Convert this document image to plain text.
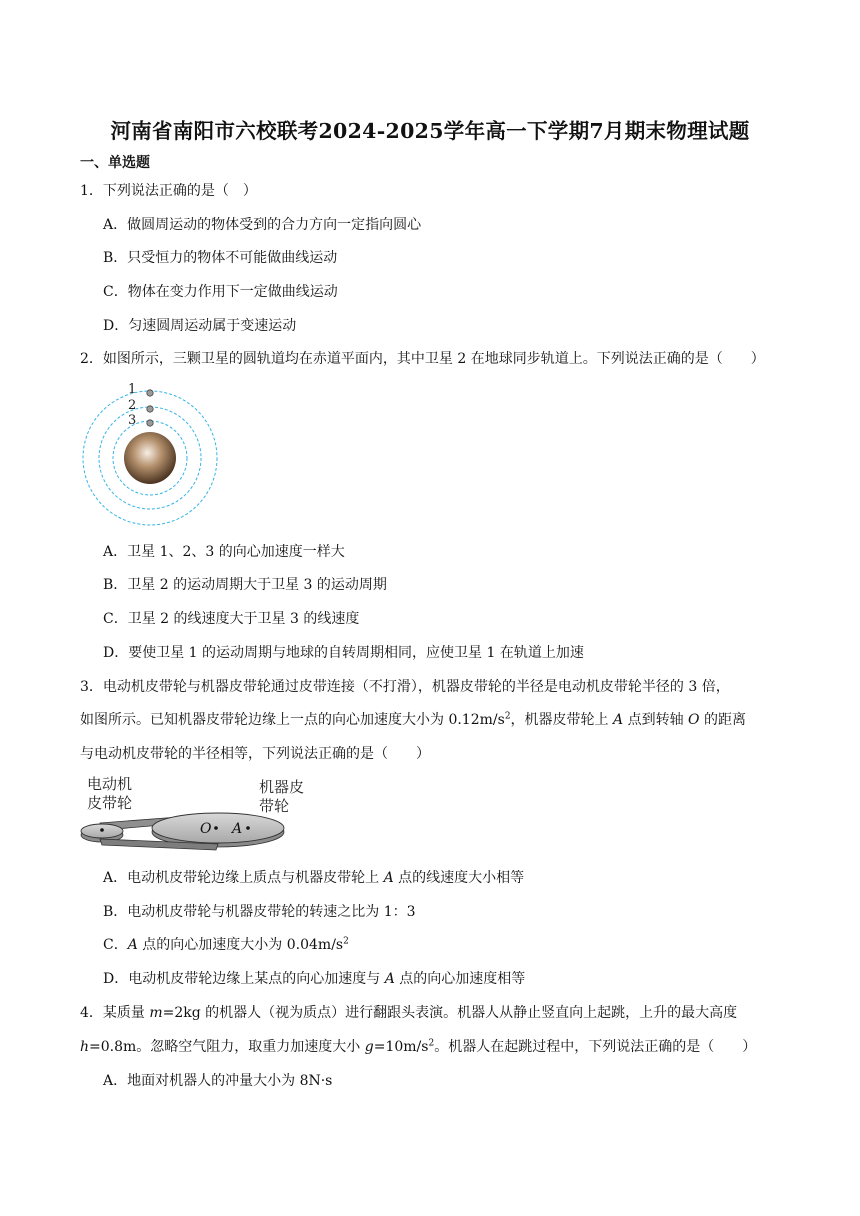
河南省南阳市六校联考2024-2025学年高一下学期7月期末物理试题
一、单选题
1．下列说法正确的是（　）
A．做圆周运动的物体受到的合力方向一定指向圆心
B．只受恒力的物体不可能做曲线运动
C．物体在变力作用下一定做曲线运动
D．匀速圆周运动属于变速运动
2．如图所示，三颗卫星的圆轨道均在赤道平面内，其中卫星 2 在地球同步轨道上。下列说法正确的是（　　）
1
2
3
A．卫星 1、2、3 的向心加速度一样大
B．卫星 2 的运动周期大于卫星 3 的运动周期
C．卫星 2 的线速度大于卫星 3 的线速度
D．要使卫星 1 的运动周期与地球的自转周期相同，应使卫星 1 在轨道上加速
3．电动机皮带轮与机器皮带轮通过皮带连接（不打滑），机器皮带轮的半径是电动机皮带轮半径的 3 倍，
如图所示。已知机器皮带轮边缘上一点的向心加速度大小为 $0.12m/s^2$，机器皮带轮上 A 点到转轴 O 的距离
与电动机皮带轮的半径相等，下列说法正确的是（　　）
电动机
皮带轮
机器皮
带轮
O A
A．电动机皮带轮边缘上质点与机器皮带轮上 A 点的线速度大小相等
B．电动机皮带轮与机器皮带轮的转速之比为 1：3
C．A 点的向心加速度大小为 $0.04m/s^2$
D．电动机皮带轮边缘上某点的向心加速度与 A 点的向心加速度相等
4．某质量 m=2kg 的机器人（视为质点）进行翻跟头表演。机器人从静止竖直向上起跳，上升的最大高度
h=0.8m。忽略空气阻力，取重力加速度大小 $g=10m/s^2$。机器人在起跳过程中，下列说法正确的是（　　）
A．地面对机器人的冲量大小为 8N·s
